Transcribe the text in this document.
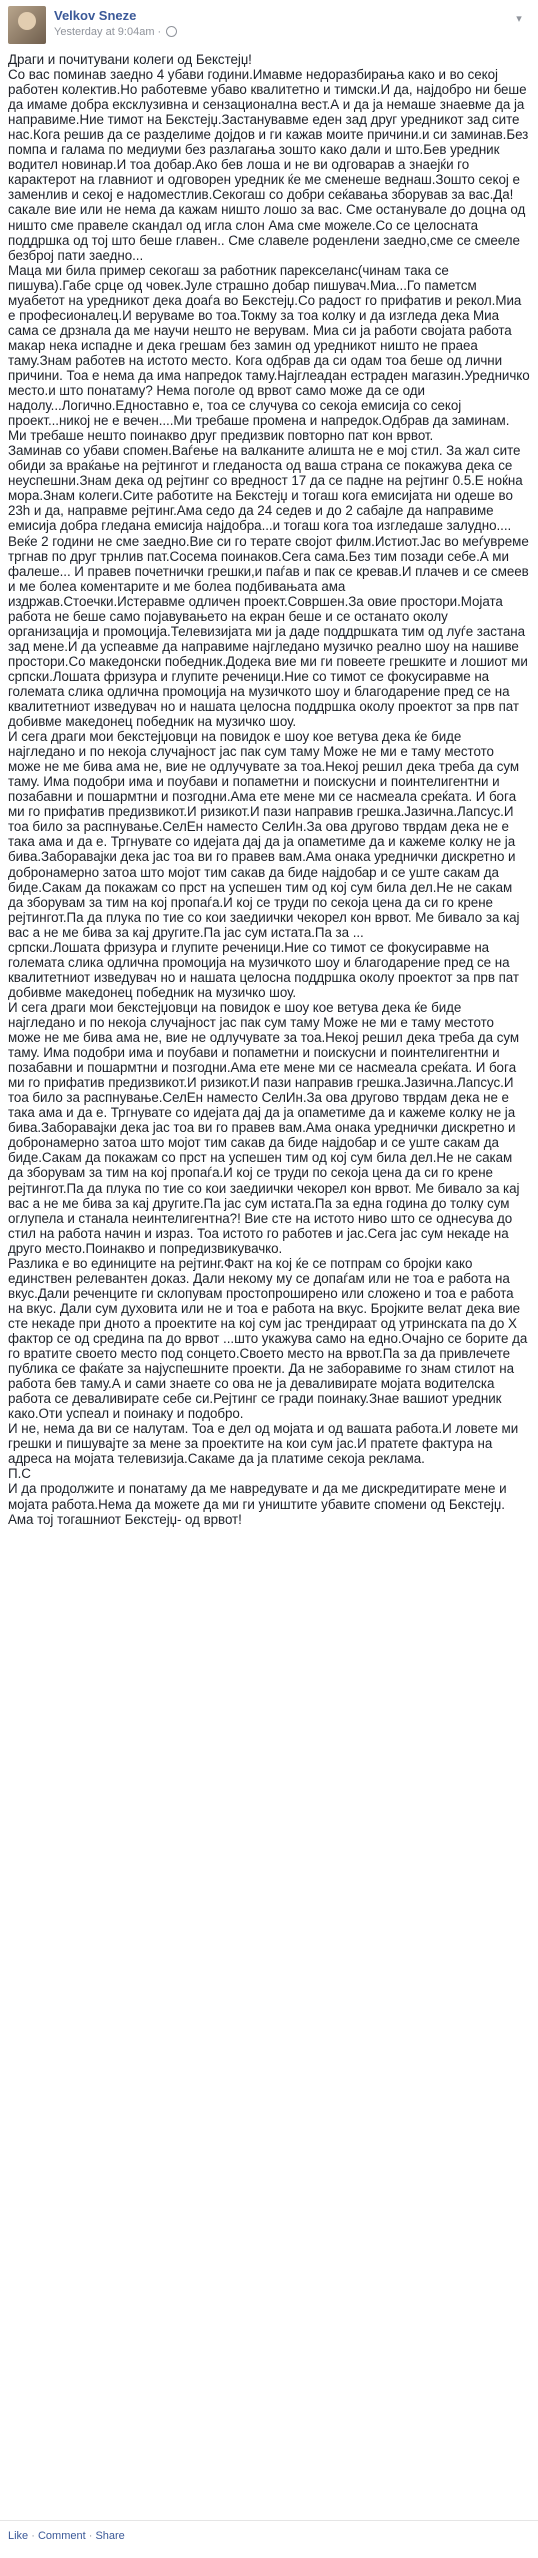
Velkov Sneze
Yesterday at 9:04am ·
▾

Драги и почитувани колеги од Бекстејџ!
Со вас поминав заедно 4 убави години.Имавме недоразбирања како и во секој работен колектив.Но работевме убаво квалитетно и тимски.И да, најдобро ни беше да имаме добра ексклузивна и сензационална вест.А и да ја немаше знаевме да ја направиме.Ние тимот на Бекстејџ.Застанувавме еден зад друг уредникот зад сите нас.Кога решив да се разделиме дојдов и ги кажав моите причини.и си заминав.Без помпа и галама по медиуми без разлагања зошто како дали и што.Бев уредник водител новинар.И тоа добар.Ако бев лоша и не ви одговарав а знаејќи го карактерот на главниот и одговорен уредник ќе ме сменеше веднаш.Зошто секој е заменлив и секој е надоместлив.Секогаш со добри сеќавања зборував за вас.Да! сакале вие или не нема да кажам ништо лошо за вас. Сме останувале до доцна од ништо сме правеле скандал од игла слон Ама сме можеле.Со се целосната поддршка од тој што беше главен.. Сме славеле роденлени заедно,сме се смееле безброј пати заедно...
Маца ми била пример секогаш за работник парекселанс(чинам така се пишува).Габе срце од човек.Јуле страшно добар пишувач.Миа...Го паметсм муабетот на уредникот дека доаѓа во Бекстејџ.Со радост го прифатив и рекол.Миа е професионалец.И веруваме во тоа.Токму за тоа колку и да изгледа дека Миа сама се дрзнала да ме научи нешто не верувам. Миа си ја работи својата работа макар нека испадне и дека грешам без замин од уредникот ништо не праеа таму.Знам работев на истото место. Кога одбрав да си одам тоа беше од лични причини. Тоа е нема да има напредок таму.Најглеадан естраден магазин.Уредничко место.и што понатаму? Нема поголе од врвот само може да се оди надолу...Логично.Едноставно е, тоа се случува со секоја емисија со секој проект...никој не е вечен....Ми требаше промена и напредок.Одбрав да заминам. Ми требаше нешто поинакво друг предизвик повторно пат кон врвот.
Заминав со убави спомен.Ваѓење на валканите алишта не е мој стил. За жал сите обиди за враќање на рејтингот и гледаноста од ваша страна се покажува дека се неуспешни.Знам дека од рејтинг со вредност 17 да се падне на рејтинг 0.5.Е ноќна мора.Знам колеги.Сите работите на Бекстејџ и тогаш кога емисијата ни одеше во 23h и да, направме рејтинг.Ама седо да 24 седев и до 2 сабајле да направиме емисија добра гледана емисија најдобра...и тогаш кога тоа изгледаше залудно.... Веќе 2 години не сме заедно.Вие си го терате својот филм.Истиот.Јас во меѓувреме тргнав по друг трнлив пат.Сосема поинаков.Сега сама.Без тим позади себе.А ми фалеше... И правев почетнички грешки,и паѓав и пак се кревав.И плачев и се смеев и ме болеа коментарите и ме болеа подбивањата ама
издржав.Стоечки.Истеравме одличен проект.Совршен.За овие простори.Мојата работа не беше само појавувањето на екран беше и се останато околу организација и промоција.Телевизијата ми ја даде поддршката тим од луѓе застана зад мене.И да успеавме да направиме најгледано музичко реално шоу на нашиве простори.Со македонски победник.Додека вие ми ги повеете грешките и лошиот ми српски.Лошата фризура и глупите реченици.Ние со тимот се фокусиравме на големата слика одлична промоција на музичкото шоу и благодарение пред се на квалитетниот изведувач но и нашата целосна поддршка околу проектот за прв пат добивме македонец победник на музичко шоу.
И сега драги мои бекстејџовци на повидок е шоу кое ветува дека ќе биде најгледано и по некоја случајност јас пак сум таму Може не ми е таму местото може не ме бива ама не, вие не одлучувате за тоа.Некој решил дека треба да сум таму. Има подобри има и поубави и попаметни и поискусни и поинтелигентни и позабавни и пошармтни и позгодни.Ама ете мене ми се насмеала среќата. И богa ми го прифатив предизвикот.И ризикот.И пази направив грешка.Јазична.Лапсус.И тоа било за распнување.СелЕн наместо СелИн.За ова другово тврдам дека не е така ама и да е. Тргнувате со идејата дај да ја опаметиме да и кажеме колку не ја бива.Заборавајки дека јас тоа ви го правев вам.Ама онака уреднички дискретно и добронамерно затоа што мојот тим сакав да биде најдобар и се уште сакам да биде.Сакам да покажам со прст на успешен тим од кој сум била дел.Не не сакам да зборувам за тим на кој пропаѓа.И кој се труди по секоја цена да си го крене рејтингот.Па да плука по тие со кои заедиички чекорел кон врвот. Ме бивало за кај вас а не ме бива за кај другите.Па јас сум истата.Па за ...
српски.Лошата фризура и глупите реченици.Ние со тимот се фокусиравме на големата слика одлична промоција на музичкото шоу и благодарение пред се на квалитетниот изведувач но и нашата целосна поддршка околу проектот за прв пат добивме македонец победник на музичко шоу.
И сега драги мои бекстејџовци на повидок е шоу кое ветува дека ќе биде најгледано и по некоја случајност јас пак сум таму Може не ми е таму местото може не ме бива ама не, вие не одлучувате за тоа.Некој решил дека треба да сум таму. Има подобри има и поубави и попаметни и поискусни и поинтелигентни и позабавни и пошармтни и позгодни.Ама ете мене ми се насмеала среќата. И богa ми го прифатив предизвикот.И ризикот.И пази направив грешка.Јазична.Лапсус.И тоа било за распнување.СелЕн наместо СелИн.За ова другово тврдам дека не е така ама и да е. Тргнувате со идејата дај да ја опаметиме да и кажеме колку не ја бива.Заборавајки дека јас тоа ви го правев вам.Ама онака уреднички дискретно и добронамерно затоа што мојот тим сакав да биде најдобар и се уште сакам да биде.Сакам да покажам со прст на успешен тим од кој сум била дел.Не не сакам да зборувам за тим на кој пропаѓа.И кој се труди по секоја цена да си го крене рејтингот.Па да плука по тие со кои заедиички чекорел кон врвот. Ме бивало за кај вас а не ме бива за кај другите.Па јас сум истата.Па за една година до толку сум оглупела и станала неинтелигентна?! Вие сте на истото ниво што се однесува до стил на работа начин и израз. Тоа истото го работев и јас.Сега јас сум некаде на друго место.Поинакво и попредизвикувачко.
Разлика е во единиците на рејтинг.Факт на кој ќе се потпрам со бројки како единствен релевантен доказ. Дали некому му се допаѓам или не тоа е работа на вкус.Дали реченците ги склопувам простопроширено или сложено и тоа е работа на вкус. Дали сум духовита или не и тоа е работа на вкус. Бројките велат дека вие сте некаде при дното а проектите на кој сум јас трендираат од утринската па до Х фактор се од средина па до врвот ...што укажува само на едно.Очајно се борите да го вратите своето место под сонцето.Своето место на врвот.Па за да привлечете публика се фаќате за најуспешните проекти. Да не заборавиме го знам стилот на работа бев таму.А и сами знаете со ова не ја деваливирате мојата водителска работа се деваливирате себе си.Рејтинг се гради поинаку.Знае вашиот уредник како.Оти успеал и поинаку и подобро.
И не, нема да ви се налутам. Тоа е дел од мојата и од вашата работа.И ловете ми грешки и пишувајте за мене за проектите на кои сум јас.И пратете фактура на адреса на мојата телевизија.Сакаме да ја платиме секоја реклама.
П.С
И да продолжите и понатаму да ме навредувате и да ме дискредитирате мене и мојата работа.Нема да можете да ми ги уништите убавите спомени од Бекстејџ. Ама тој тогашниот Бекстејџ- од врвот!

Like · Comment · Share
